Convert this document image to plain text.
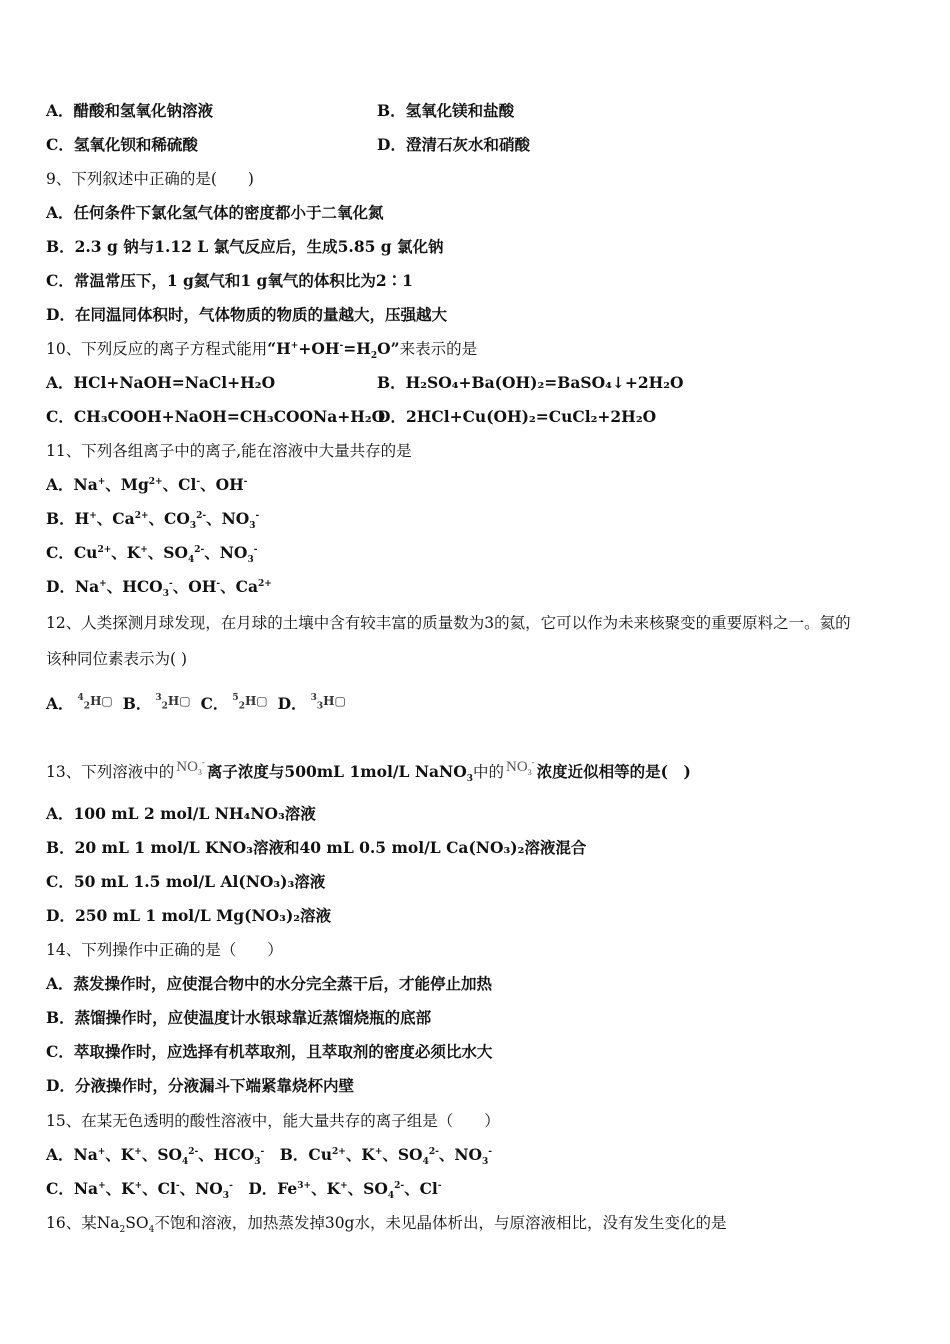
A．醋酸和氢氧化钠溶液	B．氢氧化镁和盐酸
C．氢氧化钡和稀硫酸	D．澄清石灰水和硝酸
9、下列叙述中正确的是(　　)
A．任何条件下氯化氢气体的密度都小于二氧化氮
B．2.3 g 钠与1.12 L 氯气反应后，生成5.85 g 氯化钠
C．常温常压下，1 g氦气和1 g氧气的体积比为2∶1
D．在同温同体积时，气体物质的物质的量越大，压强越大
10、下列反应的离子方程式能用“$H^++OH^-=H_2O$”来表示的是
A．HCl+NaOH=NaCl+H₂O	B．H₂SO₄+Ba(OH)₂=BaSO₄↓+2H₂O
C．CH₃COOH+NaOH=CH₃COONa+H₂O
D．2HCl+Cu(OH)₂=CuCl₂+2H₂O
11、下列各组离子中的离子,能在溶液中大量共存的是
A．Na+、$Mg^{2+}$、Cl-、OH-
B．H+、$Ca^{2+}$、$CO_3^{2-}$、$NO_3^-$
C．$Cu^{2+}$、K+、$SO_4^{2-}$、$NO_3^-$
D．Na+、$HCO_3^-$、OH-、$Ca^{2+}$
12、人类探测月球发现，在月球的土壤中含有较丰富的质量数为3的氦，它可以作为未来核聚变的重要原料之一。氦的
该种同位素表示为( )
A． $^4_2$H▢ B． $^3_2$H▢ C． $^5_2$H▢ D． $^3_3$H▢
13、下列溶液中的 $NO_3^-$ 离子浓度与500mL 1mol/L NaNO$_3$中的 $NO_3^-$ 浓度近似相等的是(　)
A．100 mL 2 mol/L NH₄NO₃溶液
B．20 mL 1 mol/L KNO₃溶液和40 mL 0.5 mol/L Ca(NO₃)₂溶液混合
C．50 mL 1.5 mol/L Al(NO₃)₃溶液
D．250 mL 1 mol/L Mg(NO₃)₂溶液
14、下列操作中正确的是（　　）
A．蒸发操作时，应使混合物中的水分完全蒸干后，才能停止加热
B．蒸馏操作时，应使温度计水银球靠近蒸馏烧瓶的底部
C．萃取操作时，应选择有机萃取剂，且萃取剂的密度必须比水大
D．分液操作时，分液漏斗下端紧靠烧杯内壁
15、在某无色透明的酸性溶液中，能大量共存的离子组是（　　）
A．Na+、K+、$SO_4^{2-}$、$HCO_3^-$　B．$Cu^{2+}$、K+、$SO_4^{2-}$、$NO_3^-$
C．Na+、K+、Cl-、$NO_3^-$　D．$Fe^{3+}$、K+、$SO_4^{2-}$、Cl-
16、某$Na_2SO_4$不饱和溶液，加热蒸发掉30g水，未见晶体析出，与原溶液相比，没有发生变化的是
